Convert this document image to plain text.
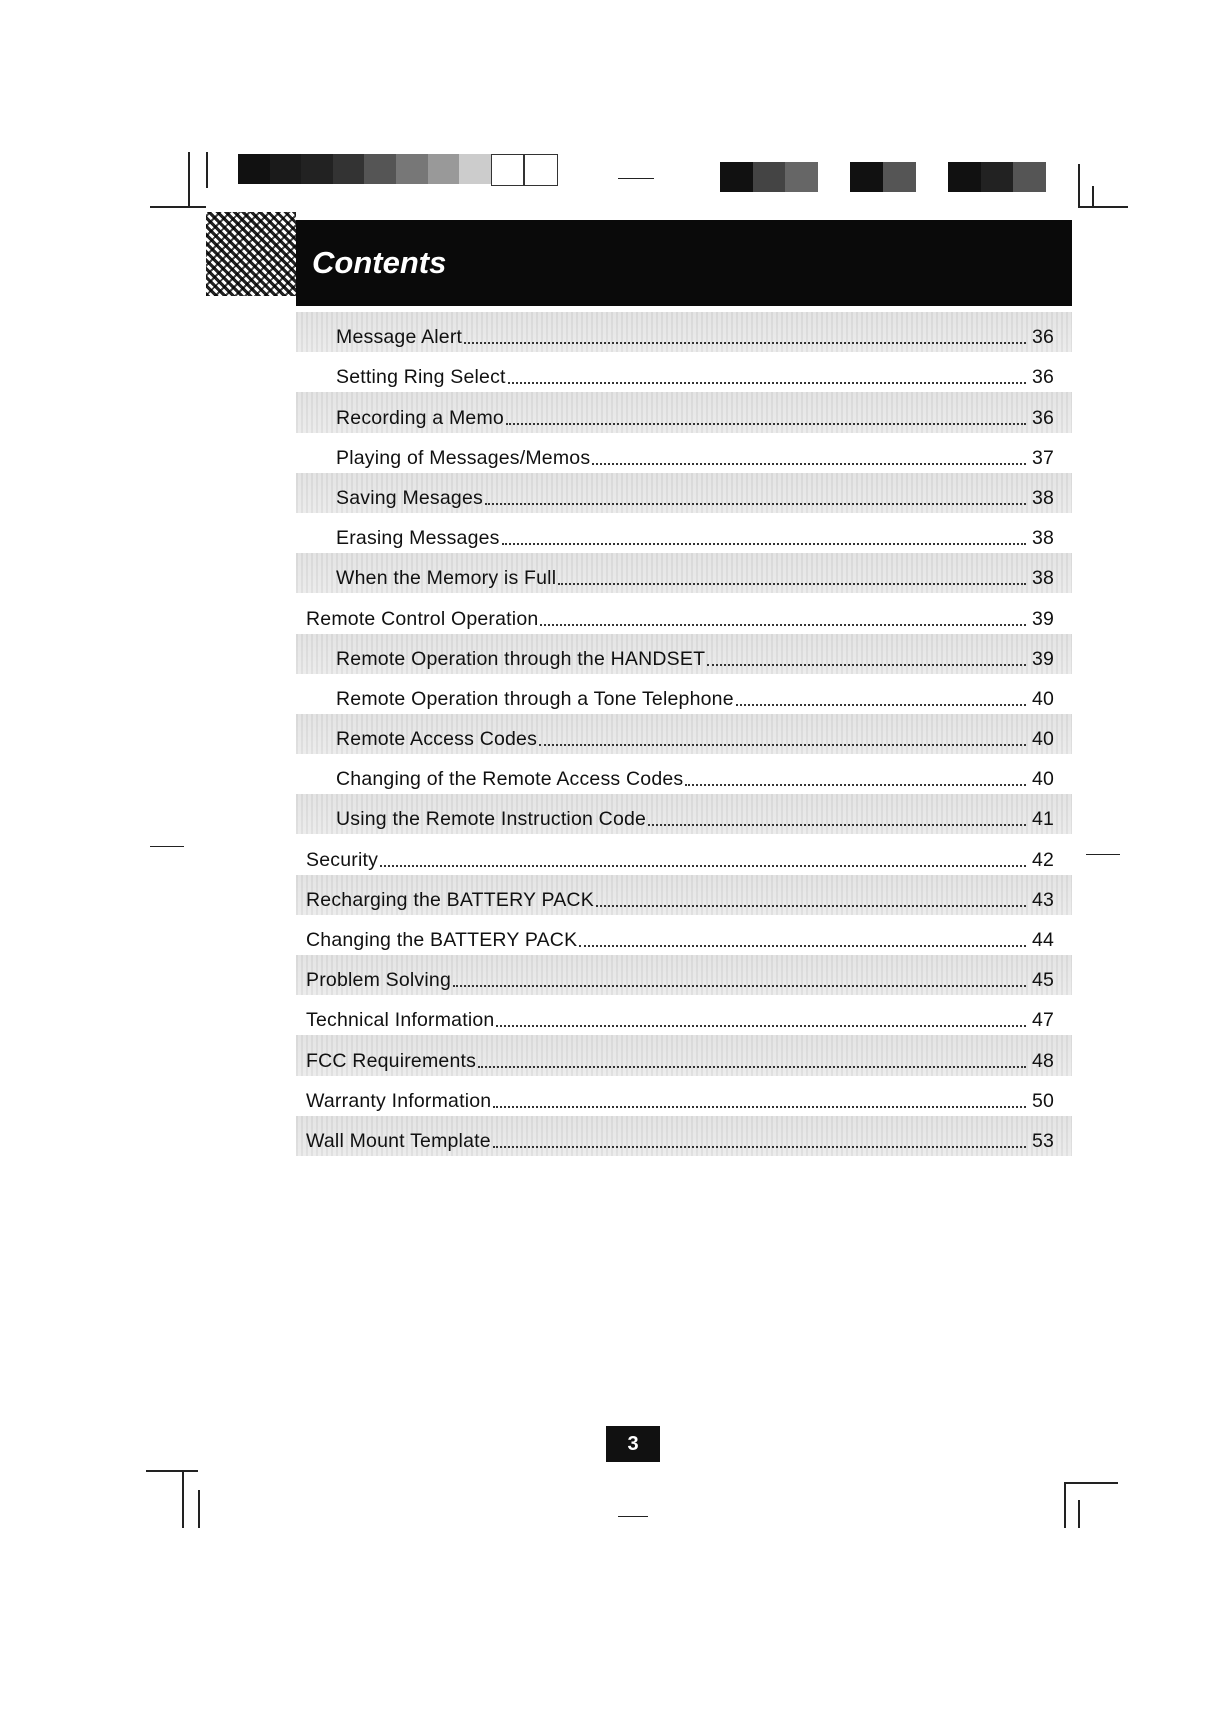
Contents
Message Alert	36
Setting Ring Select	36
Recording a Memo	36
Playing of Messages/Memos	37
Saving Mesages	38
Erasing Messages	38
When the Memory is Full	38
Remote Control Operation	39
Remote Operation through the HANDSET	39
Remote Operation through a Tone Telephone	40
Remote Access Codes	40
Changing of the Remote Access Codes	40
Using the Remote Instruction Code	41
Security	42
Recharging the BATTERY PACK	43
Changing the BATTERY PACK	44
Problem Solving	45
Technical Information	47
FCC Requirements	48
Warranty Information	50
Wall Mount Template	53
3
